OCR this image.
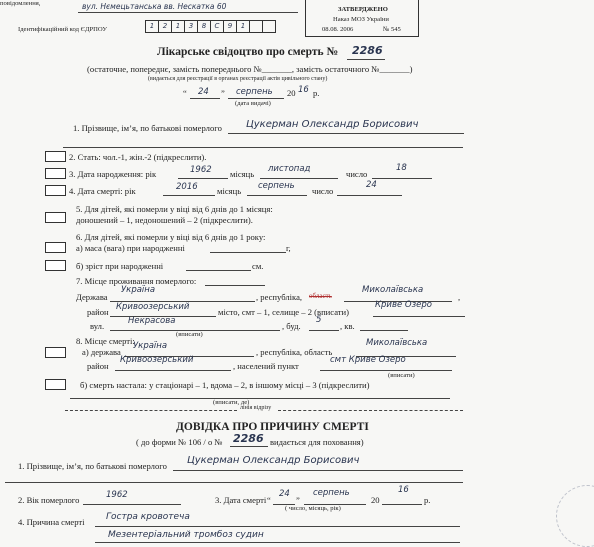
повідомлення,	вул. Нємецьтанська вв. Нескатка 60
Ідентифікаційний код ЄДРПОУ	1	2	1	3	8	С	9	1
ЗАТВЕРДЖЕНО
Наказ МОЗ України
08.08. 2006	№ 545
Лікарське свідоцтво про смерть № 2286
(остаточне, попереднє, замість попереднього №_______, замість остаточного №_______)
(видається для реєстрації в органах реєстрації актів цивільного стану)
“ 24 ” серпень 20 16 р.
(дата видачі)
1. Прізвище, ім’я, по батькові померлого Цукерман Олександр Борисович
2. Стать: чол.-1, жін.-2 (підкреслити).
3. Дата народження: рік	1962 місяць листопад	число
18
4. Дата смерті: рік	2016 місяць серпень число
24
5. Для дітей, які померли у віці від 6 днів до 1 місяця:
доношений – 1, недоношений – 2 (підкреслити).
6. Для дітей, які померли у віці від 6 днів до 1 року:
а) маса (вага) при народженні	г,
б) зріст при народженні	см.
7. Місце проживання померлого:
Держава
Україна
, республіка, область
Миколаївська
,
район Кривоозерський	місто, смт – 1, селище – 2 (вписати)
Криве Озеро
вул.	Некрасова	, буд.
5
, кв.
(вписати)
8. Місце смерті:
а) держава
Україна
, республіка, область
Миколаївська
район
Кривоозерський
, населений пункт
смт Криве Озеро
(вписати)
б) смерть настала: у стаціонарі – 1, вдома – 2, в іншому місці – 3 (підкреслити)
(вписати, де)
лінія відрізу
ДОВІДКА ПРО ПРИЧИНУ СМЕРТІ
( до форми № 106 / о № 2286 видається для поховання)
1. Прізвище, ім’я, по батькові померлого Цукерман Олександр Борисович
2. Вік померлого	1962	3. Дата смерті “
24
”
серпень
20
16
р.
( число, місяць, рік)
4. Причина смерті Гостра кровотеча
Мезентеріальний тромбоз судин
